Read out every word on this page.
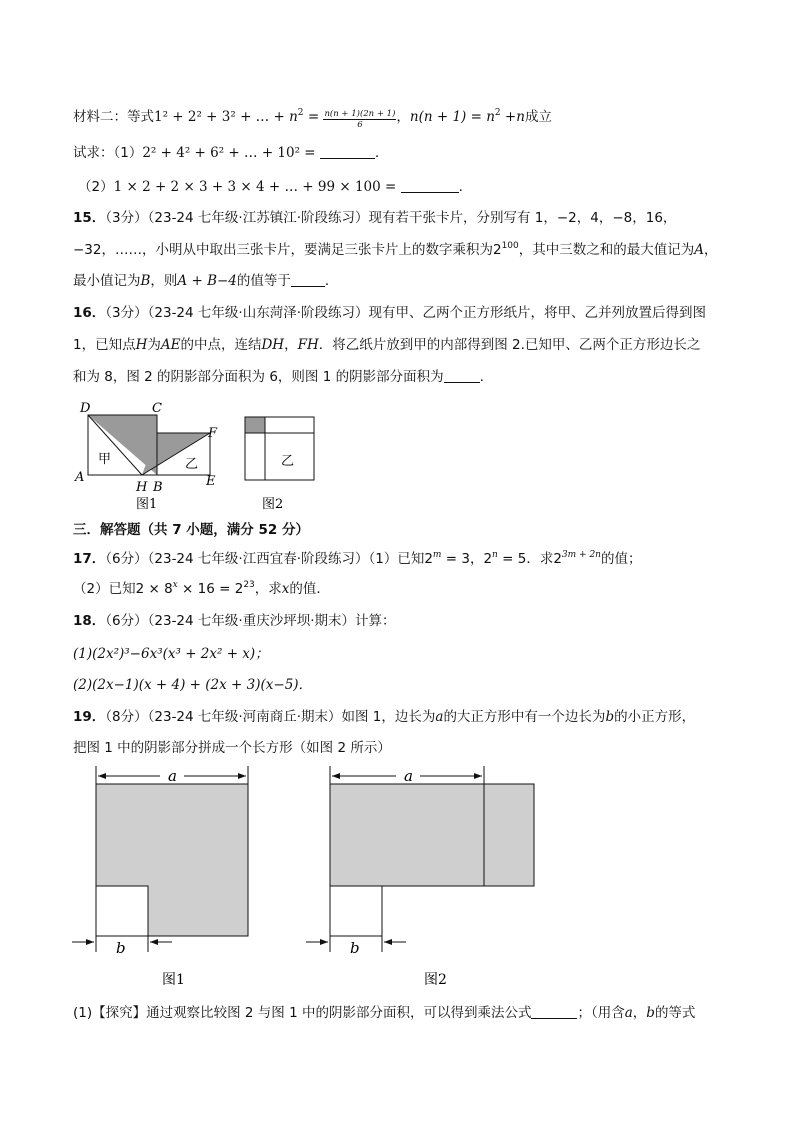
材料二：等式1² + 2² + 3² + … + $n^2 = \frac{n(n + 1)(2n + 1)}{6}$ ，$n(n + 1) = n^2 +n$成立
试求：（1）2² + 4² + 6² + … + 10² =	.
（2）1 × 2 + 2 × 3 + 3 × 4 + … + 99 × 100 =	.
15．（3分）（23-24 七年级·江苏镇江·阶段练习）现有若干张卡片，分别写有 1，−2，4，−8，16，
−32，……，小明从中取出三张卡片，要满足三张卡片上的数字乘积为$2^{100}$，其中三数之和的最大值记为A，
最小值记为B，则A + B−4的值等于	.
16．（3分）（23-24 七年级·山东菏泽·阶段练习）现有甲、乙两个正方形纸片，将甲、乙并列放置后得到图
1，已知点H为AE的中点，连结DH，FH．将乙纸片放到甲的内部得到图 2.已知甲、乙两个正方形边长之
和为 8，图 2 的阴影部分面积为 6，则图 1 的阴影部分面积为	.
D	C
F
A
H B	E
甲	乙
图1
乙
图2
三．解答题（共 7 小题，满分 52 分）
17．（6分）（23-24 七年级·江西宜春·阶段练习）（1）已知$2^m = 3$，$2^n = 5$．求$2^{3m + 2n}$的值；
（2）已知$2 \times 8^x \times 16 = 2^{23}$，求x的值．
18．（6分）（23-24 七年级·重庆沙坪坝·期末）计算：
(1)(2x²)³−6x³(x³ + 2x² + x)；
(2)(2x−1)(x + 4) + (2x + 3)(x−5)．
19．（8分）（23-24 七年级·河南商丘·期末）如图 1，边长为a的大正方形中有一个边长为b的小正方形，
把图 1 中的阴影部分拼成一个长方形（如图 2 所示）
a
b
图1
a
b
图2
(1)【探究】通过观察比较图 2 与图 1 中的阴影部分面积，可以得到乘法公式	；（用含a，b的等式
